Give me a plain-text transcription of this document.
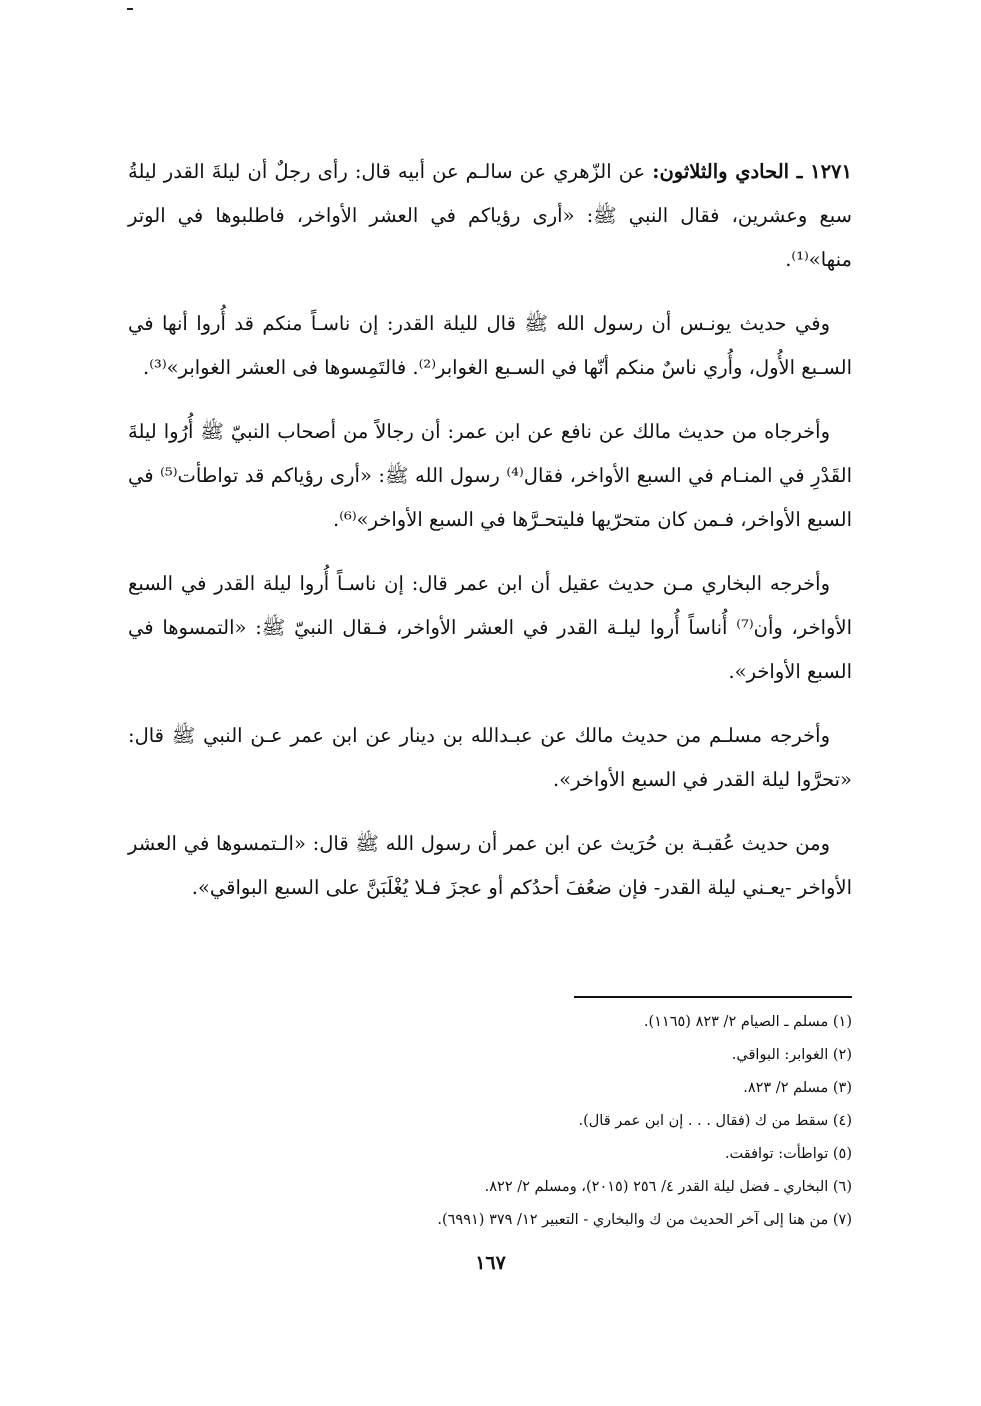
١٢٧١ ـ الحادي والثلاثون: عن الزّهري عن سالـم عن أبيه قال: رأى رجلٌ أن ليلةَ القدر ليلةُ سبع وعشرين، فقال النبي ﷺ: «أرى رؤياكم في العشر الأواخر، فاطلبوها في الوتر منها»⁽¹⁾.

وفي حديث يونـس أن رسول الله ﷺ قال لليلة القدر: إن ناسـاً منكم قد أُروا أنها في السـبع الأُول، وأُري ناسٌ منكم أنّها في السـبع الغوابر⁽²⁾. فالتَمِسوها فى العشر الغوابر»⁽³⁾.

وأخرجاه من حديث مالك عن نافع عن ابن عمر: أن رجالاً من أصحاب النبيّ ﷺ أُرُوا ليلةَ القَدْرِ في المنـام في السبع الأواخر، فقال⁽⁴⁾ رسول الله ﷺ: «أرى رؤياكم قد تواطأت⁽⁵⁾ في السبع الأواخر، فـمن كان متحرّيها فليتحـرَّها في السبع الأواخر»⁽⁶⁾.

وأخرجه البخاري مـن حديث عقيل أن ابن عمر قال: إن ناسـاً أُروا ليلة القدر في السبع الأواخر، وأن⁽⁷⁾ أُناساً أُروا ليلـة القدر في العشر الأواخر، فـقال النبيّ ﷺ: «التمسوها في السبع الأواخر».

وأخرجه مسلـم من حديث مالك عن عبـدالله بن دينار عن ابن عمر عـن النبي ﷺ قال: «تحرَّوا ليلة القدر في السبع الأواخر».

ومن حديث عُقبـة بن حُرَيث عن ابن عمر أن رسول الله ﷺ قال: «الـتمسوها في العشر الأواخر -يعـني ليلة القدر- فإن ضعُفَ أحدُكم أو عجزَ فـلا يُغْلَبَنَّ على السبع البواقي».

(١) مسلم ـ الصيام ٢/ ٨٢٣ (١١٦٥).
(٢) الغوابر: البواقي.
(٣) مسلم ٢/ ٨٢٣.
(٤) سقط من ك (فقال . . . إن ابن عمر قال).
(٥) تواطأت: توافقت.
(٦) البخاري ـ فضل ليلة القدر ٤/ ٢٥٦ (٢٠١٥)، ومسلم ٢/ ٨٢٢.
(٧) من هنا إلى آخر الحديث من ك والبخاري - التعبير ١٢/ ٣٧٩ (٦٩٩١).
١٦٧
